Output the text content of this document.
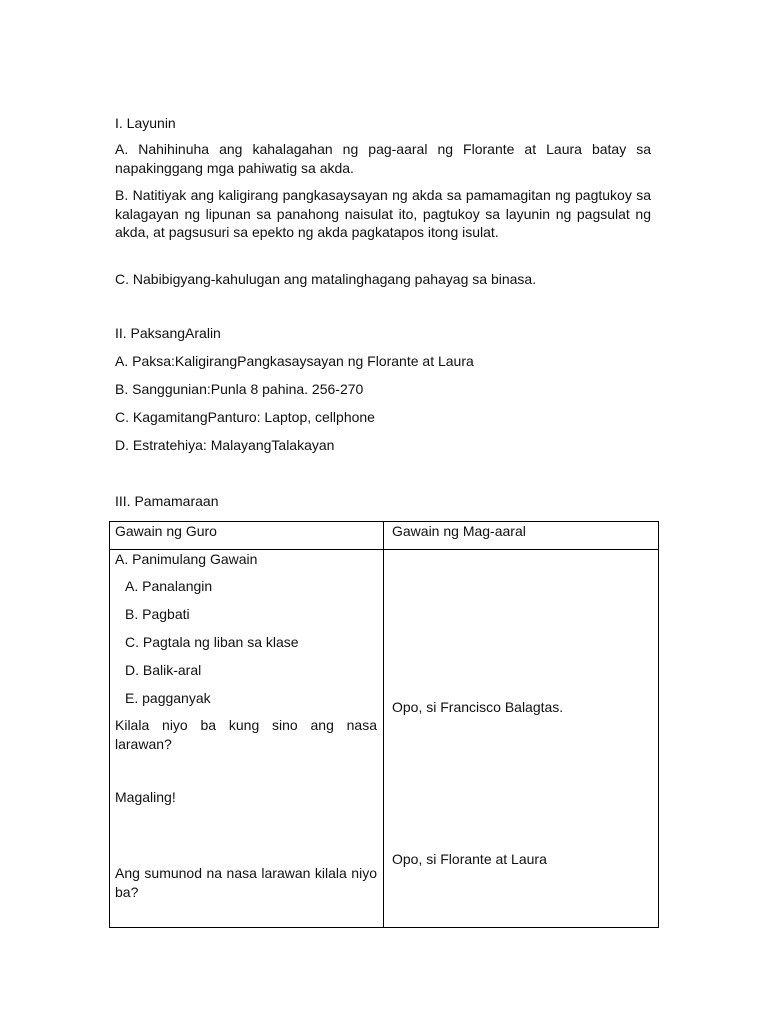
I. Layunin

A. Nahihinuha ang kahalagahan ng pag-aaral ng Florante at Laura batay sa napakinggang mga pahiwatig sa akda.

B. Natitiyak ang kaligirang pangkasaysayan ng akda sa pamamagitan ng pagtukoy sa kalagayan ng lipunan sa panahong naisulat ito, pagtukoy sa layunin ng pagsulat ng akda, at pagsusuri sa epekto ng akda pagkatapos itong isulat.

C. Nabibigyang-kahulugan ang matalinghagang pahayag sa binasa.

II. PaksangAralin

A. Paksa:KaligirangPangkasaysayan ng Florante at Laura

B. Sanggunian:Punla 8 pahina. 256-270

C. KagamitangPanturo: Laptop, cellphone

D. Estratehiya: MalayangTalakayan

III. Pamamaraan

Gawain ng Guro	Gawain ng Mag-aaral

A. Panimulang Gawain

A. Panalangin

B. Pagbati

C. Pagtala ng liban sa klase

D. Balik-aral

E. pagganyak

Kilala niyo ba kung sino ang nasa larawan?

Magaling!

Ang sumunod na nasa larawan kilala niyo ba?

Opo, si Francisco Balagtas.

Opo, si Florante at Laura
